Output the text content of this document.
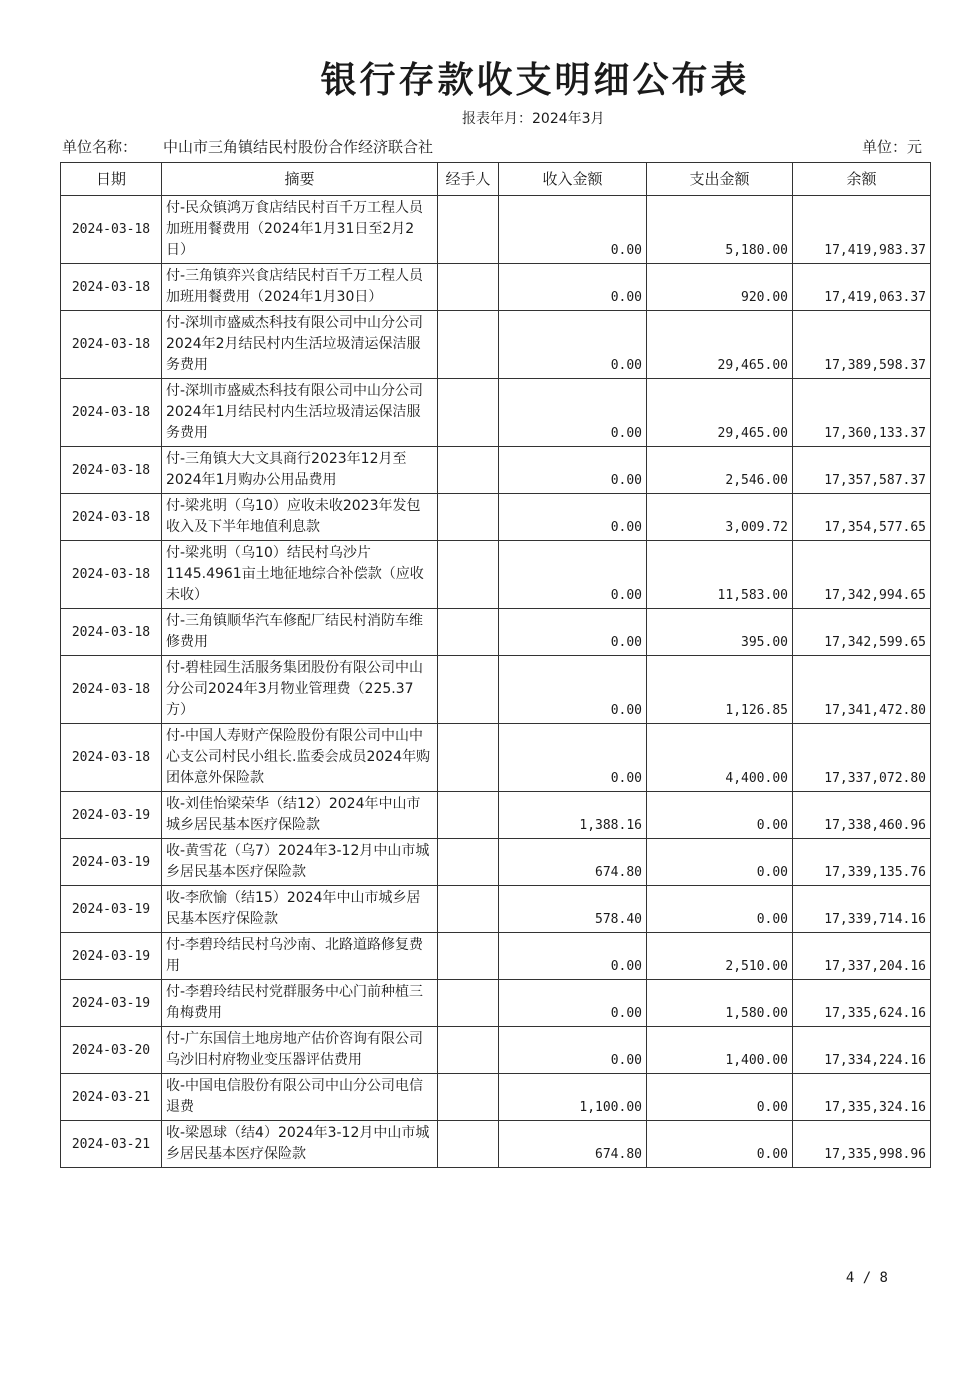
银行存款收支明细公布表
报表年月：2024年3月
单位名称： 中山市三角镇结民村股份合作经济联合社	单位：元
日期	摘要	经手人	收入金额	支出金额	余额
2024-03-18	付-民众镇鸿万食店结民村百千万工程人员加班用餐费用（2024年1月31日至2月2日）		0.00	5,180.00	17,419,983.37
2024-03-18	付-三角镇弈兴食店结民村百千万工程人员加班用餐费用（2024年1月30日）		0.00	920.00	17,419,063.37
2024-03-18	付-深圳市盛威杰科技有限公司中山分公司2024年2月结民村内生活垃圾清运保洁服务费用		0.00	29,465.00	17,389,598.37
2024-03-18	付-深圳市盛威杰科技有限公司中山分公司2024年1月结民村内生活垃圾清运保洁服务费用		0.00	29,465.00	17,360,133.37
2024-03-18	付-三角镇大大文具商行2023年12月至2024年1月购办公用品费用		0.00	2,546.00	17,357,587.37
2024-03-18	付-梁兆明（乌10）应收未收2023年发包收入及下半年地值利息款		0.00	3,009.72	17,354,577.65
2024-03-18	付-梁兆明（乌10）结民村乌沙片1145.4961亩土地征地综合补偿款（应收未收）		0.00	11,583.00	17,342,994.65
2024-03-18	付-三角镇顺华汽车修配厂结民村消防车维修费用		0.00	395.00	17,342,599.65
2024-03-18	付-碧桂园生活服务集团股份有限公司中山分公司2024年3月物业管理费（225.37方）		0.00	1,126.85	17,341,472.80
2024-03-18	付-中国人寿财产保险股份有限公司中山中心支公司村民小组长.监委会成员2024年购团体意外保险款		0.00	4,400.00	17,337,072.80
2024-03-19	收-刘佳怡梁荣华（结12）2024年中山市城乡居民基本医疗保险款		1,388.16	0.00	17,338,460.96
2024-03-19	收-黄雪花（乌7）2024年3-12月中山市城乡居民基本医疗保险款		674.80	0.00	17,339,135.76
2024-03-19	收-李欣愉（结15）2024年中山市城乡居民基本医疗保险款		578.40	0.00	17,339,714.16
2024-03-19	付-李碧玲结民村乌沙南、北路道路修复费用		0.00	2,510.00	17,337,204.16
2024-03-19	付-李碧玲结民村党群服务中心门前种植三角梅费用		0.00	1,580.00	17,335,624.16
2024-03-20	付-广东国信土地房地产估价咨询有限公司乌沙旧村府物业变压器评估费用		0.00	1,400.00	17,334,224.16
2024-03-21	收-中国电信股份有限公司中山分公司电信退费		1,100.00	0.00	17,335,324.16
2024-03-21	收-梁恩球（结4）2024年3-12月中山市城乡居民基本医疗保险款		674.80	0.00	17,335,998.96
4 / 8
